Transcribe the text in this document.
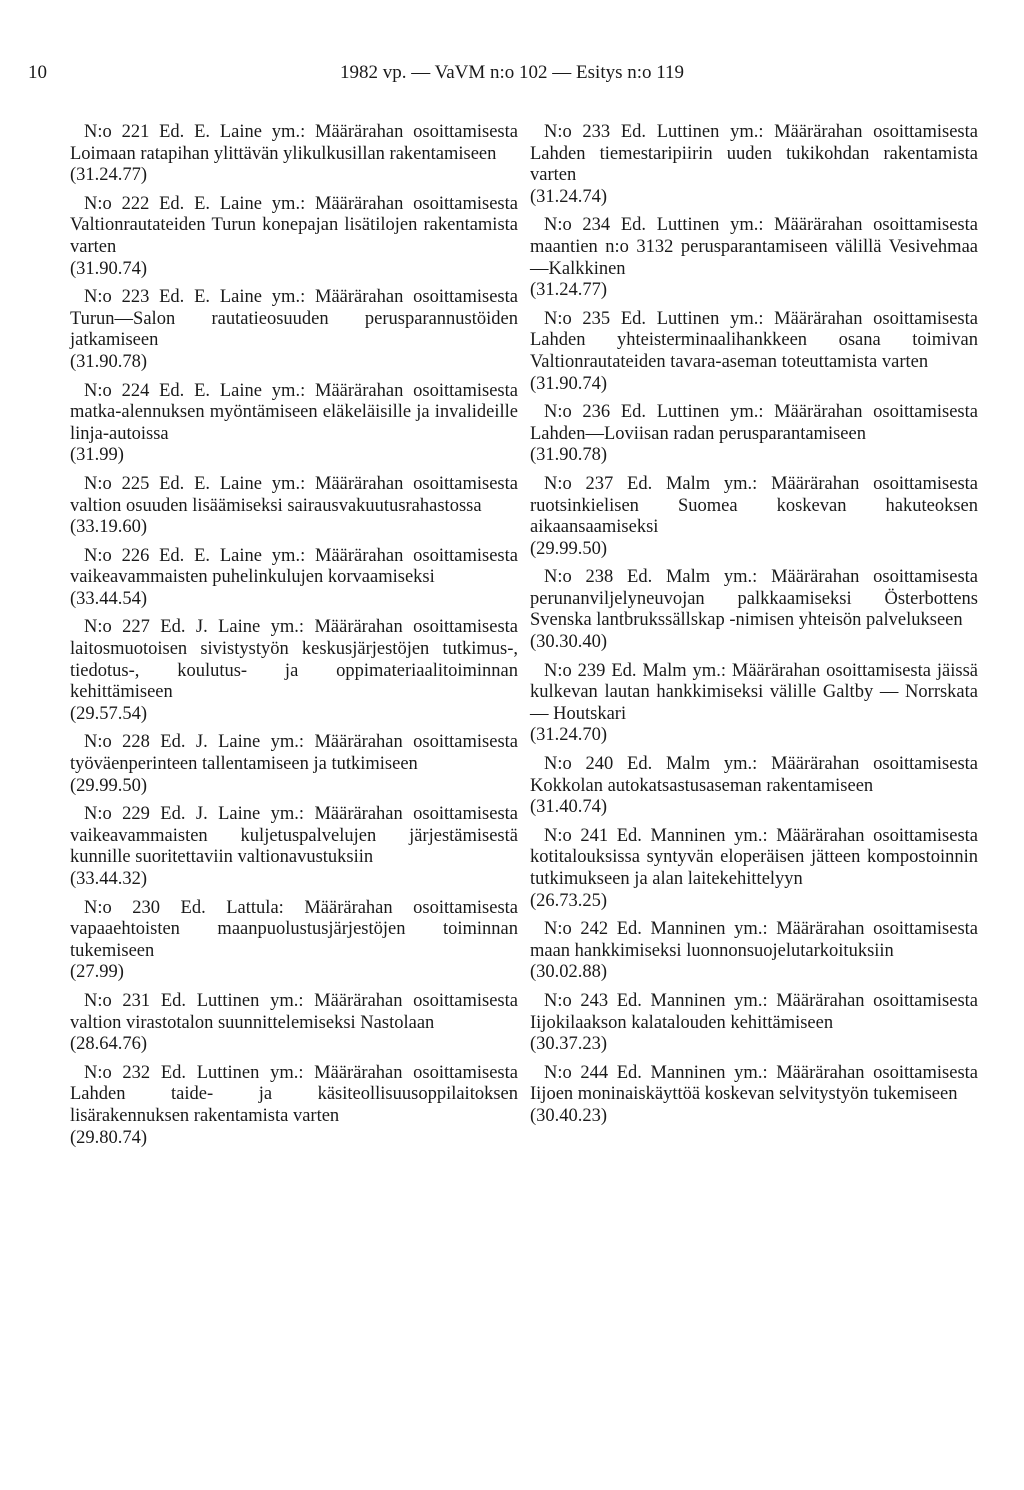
10	1982 vp. — VaVM n:o 102 — Esitys n:o 119

N:o 221 Ed. E. Laine ym.: Määrärahan osoittamisesta Loimaan ratapihan ylittävän ylikulkusillan rakentamiseen

(31.24.77)

N:o 222 Ed. E. Laine ym.: Määrärahan osoittamisesta Valtionrautateiden Turun konepajan lisätilojen rakentamista varten

(31.90.74)

N:o 223 Ed. E. Laine ym.: Määrärahan osoittamisesta Turun—Salon rautatieosuuden perusparannustöiden jatkamiseen

(31.90.78)

N:o 224 Ed. E. Laine ym.: Määrärahan osoittamisesta matka-alennuksen myöntämiseen eläkeläisille ja invalideille linja-autoissa

(31.99)

N:o 225 Ed. E. Laine ym.: Määrärahan osoittamisesta valtion osuuden lisäämiseksi sairausvakuutusrahastossa

(33.19.60)

N:o 226 Ed. E. Laine ym.: Määrärahan osoittamisesta vaikeavammaisten puhelinkulujen korvaamiseksi

(33.44.54)

N:o 227 Ed. J. Laine ym.: Määrärahan osoittamisesta laitosmuotoisen sivistystyön keskusjärjestöjen tutkimus-, tiedotus-, koulutus- ja oppimateriaalitoiminnan kehittämiseen

(29.57.54)

N:o 228 Ed. J. Laine ym.: Määrärahan osoittamisesta työväenperinteen tallentamiseen ja tutkimiseen

(29.99.50)

N:o 229 Ed. J. Laine ym.: Määrärahan osoittamisesta vaikeavammaisten kuljetuspalvelujen järjestämisestä kunnille suoritettaviin valtionavustuksiin

(33.44.32)

N:o 230 Ed. Lattula: Määrärahan osoittamisesta vapaaehtoisten maanpuolustusjärjestöjen toiminnan tukemiseen

(27.99)

N:o 231 Ed. Luttinen ym.: Määrärahan osoittamisesta valtion virastotalon suunnittelemiseksi Nastolaan

(28.64.76)

N:o 232 Ed. Luttinen ym.: Määrärahan osoittamisesta Lahden taide- ja käsiteollisuusoppilaitoksen lisärakennuksen rakentamista varten

(29.80.74)

N:o 233 Ed. Luttinen ym.: Määrärahan osoittamisesta Lahden tiemestaripiirin uuden tukikohdan rakentamista varten

(31.24.74)

N:o 234 Ed. Luttinen ym.: Määrärahan osoittamisesta maantien n:o 3132 perusparantamiseen välillä Vesivehmaa—Kalkkinen

(31.24.77)

N:o 235 Ed. Luttinen ym.: Määrärahan osoittamisesta Lahden yhteisterminaalihankkeen osana toimivan Valtionrautateiden tavara-aseman toteuttamista varten

(31.90.74)

N:o 236 Ed. Luttinen ym.: Määrärahan osoittamisesta Lahden—Loviisan radan perusparantamiseen

(31.90.78)

N:o 237 Ed. Malm ym.: Määrärahan osoittamisesta ruotsinkielisen Suomea koskevan hakuteoksen aikaansaamiseksi

(29.99.50)

N:o 238 Ed. Malm ym.: Määrärahan osoittamisesta perunanviljelyneuvojan palkkaamiseksi Österbottens Svenska lantbrukssällskap -nimisen yhteisön palvelukseen

(30.30.40)

N:o 239 Ed. Malm ym.: Määrärahan osoittamisesta jäissä kulkevan lautan hankkimiseksi välille Galtby — Norrskata — Houtskari

(31.24.70)

N:o 240 Ed. Malm ym.: Määrärahan osoittamisesta Kokkolan autokatsastusaseman rakentamiseen

(31.40.74)

N:o 241 Ed. Manninen ym.: Määrärahan osoittamisesta kotitalouksissa syntyvän eloperäisen jätteen kompostoinnin tutkimukseen ja alan laitekehittelyyn

(26.73.25)

N:o 242 Ed. Manninen ym.: Määrärahan osoittamisesta maan hankkimiseksi luonnonsuojelutarkoituksiin

(30.02.88)

N:o 243 Ed. Manninen ym.: Määrärahan osoittamisesta Iijokilaakson kalatalouden kehittämiseen

(30.37.23)

N:o 244 Ed. Manninen ym.: Määrärahan osoittamisesta Iijoen moninaiskäyttöä koskevan selvitystyön tukemiseen

(30.40.23)
